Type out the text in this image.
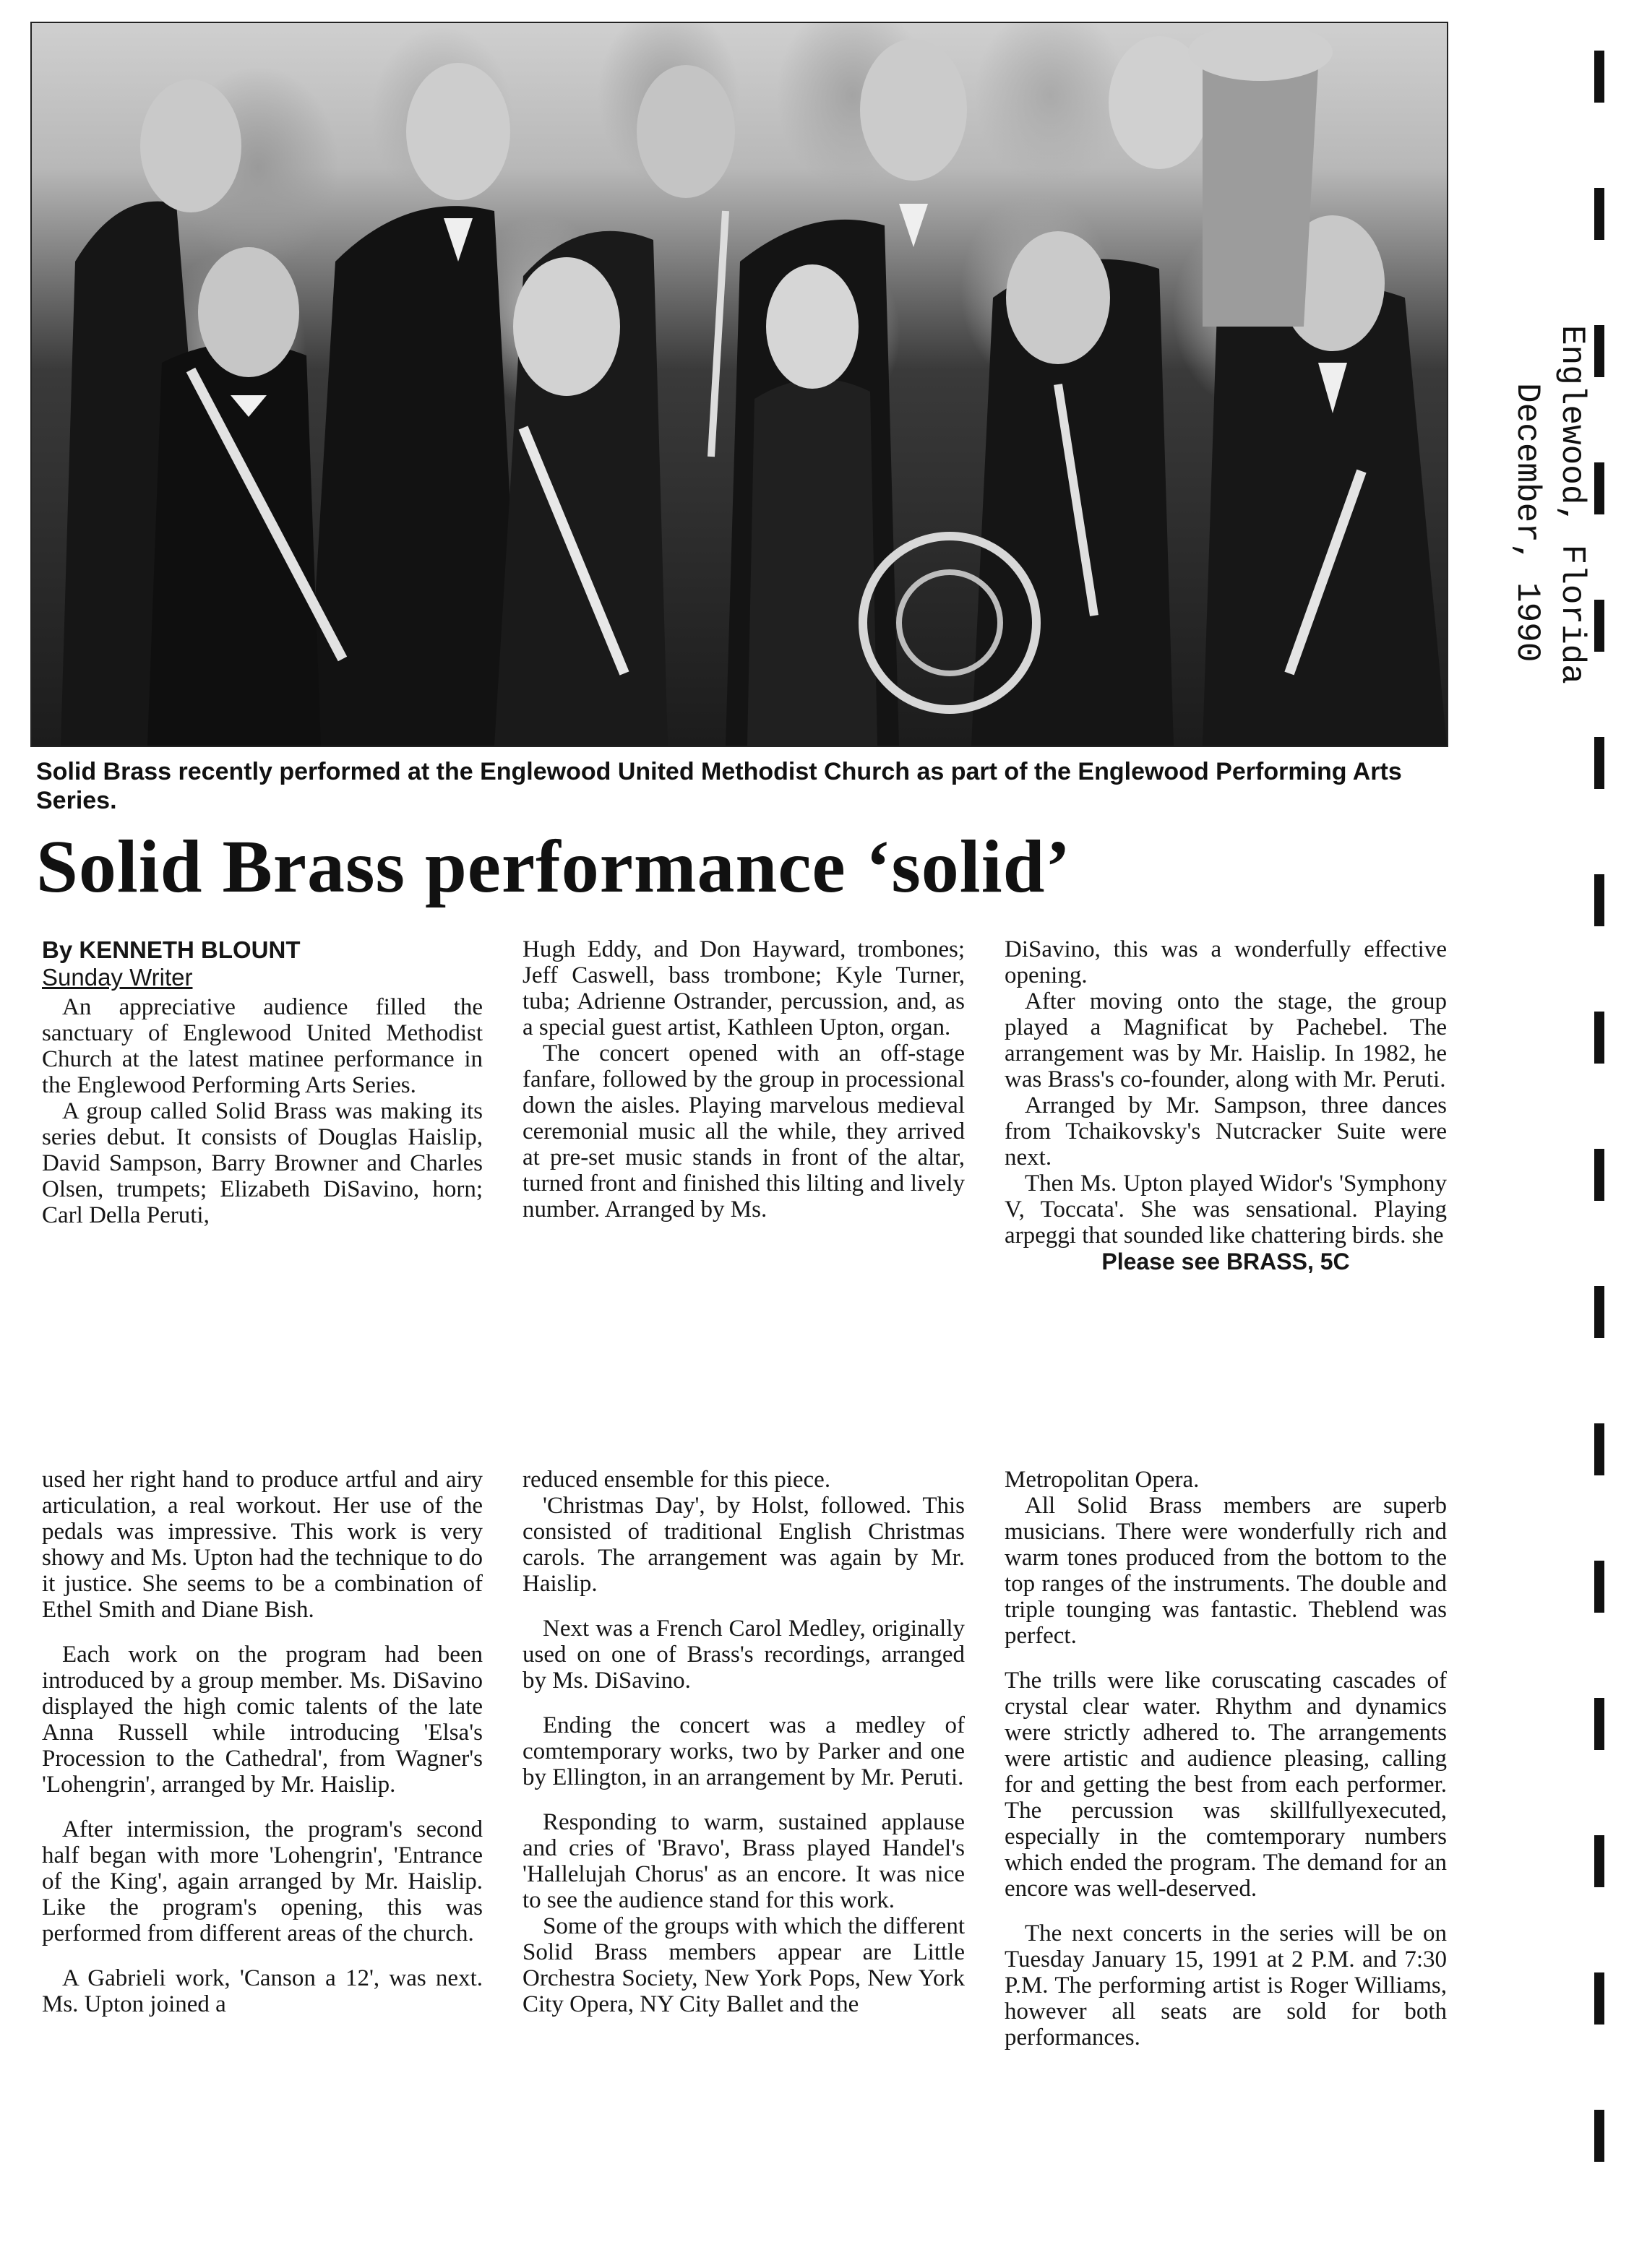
Solid Brass recently performed at the Englewood United Methodist Church as part of the Englewood Performing Arts Series.
Solid Brass performance ‘solid’
By KENNETH BLOUNT
Sunday Writer

An appreciative audience filled the sanctuary of Englewood United Methodist Church at the latest matinee performance in the Englewood Performing Arts Series.

A group called Solid Brass was making its series debut. It consists of Douglas Haislip, David Sampson, Barry Browner and Charles Olsen, trumpets; Elizabeth DiSavino, horn; Carl Della Peruti,

Hugh Eddy, and Don Hayward, trombones; Jeff Caswell, bass trombone; Kyle Turner, tuba; Adrienne Ostrander, percussion, and, as a special guest artist, Kathleen Upton, organ.

The concert opened with an off-stage fanfare, followed by the group in processional down the aisles. Playing marvelous medieval ceremonial music all the while, they arrived at pre-set music stands in front of the altar, turned front and finished this lilting and lively number. Arranged by Ms.

DiSavino, this was a wonderfully effective opening.

After moving onto the stage, the group played a Magnificat by Pachebel. The arrangement was by Mr. Haislip. In 1982, he was Brass's co-founder, along with Mr. Peruti.

Arranged by Mr. Sampson, three dances from Tchaikovsky's Nutcracker Suite were next.

Then Ms. Upton played Widor's 'Symphony V, Toccata'. She was sensational. Playing arpeggi that sounded like chattering birds. she

Please see BRASS, 5C

used her right hand to produce artful and airy articulation, a real workout. Her use of the pedals was impressive. This work is very showy and Ms. Upton had the technique to do it justice. She seems to be a combination of Ethel Smith and Diane Bish.

Each work on the program had been introduced by a group member. Ms. DiSavino displayed the high comic talents of the late Anna Russell while introducing 'Elsa's Procession to the Cathedral', from Wagner's 'Lohengrin', arranged by Mr. Haislip.

After intermission, the program's second half began with more 'Lohengrin', 'Entrance of the King', again arranged by Mr. Haislip. Like the program's opening, this was performed from different areas of the church.

A Gabrieli work, 'Canson a 12', was next. Ms. Upton joined a

reduced ensemble for this piece.

'Christmas Day', by Holst, followed. This consisted of traditional English Christmas carols. The arrangement was again by Mr. Haislip.

Next was a French Carol Medley, originally used on one of Brass's recordings, arranged by Ms. DiSavino.

Ending the concert was a medley of comtemporary works, two by Parker and one by Ellington, in an arrangement by Mr. Peruti.

Responding to warm, sustained applause and cries of 'Bravo', Brass played Handel's 'Hallelujah Chorus' as an encore. It was nice to see the audience stand for this work.

Some of the groups with which the different Solid Brass members appear are Little Orchestra Society, New York Pops, New York City Opera, NY City Ballet and the

Metropolitan Opera.

All Solid Brass members are superb musicians. There were wonderfully rich and warm tones produced from the bottom to the top ranges of the instruments. The double and triple tounging was fantastic. Theblend was perfect.

The trills were like coruscating cascades of crystal clear water. Rhythm and dynamics were strictly adhered to. The arrangements were artistic and audience pleasing, calling for and getting the best from each performer. The percussion was skillfullyexecuted, especially in the comtemporary numbers which ended the program. The demand for an encore was well-deserved.

The next concerts in the series will be on Tuesday January 15, 1991 at 2 P.M. and 7:30 P.M. The performing artist is Roger Williams, however all seats are sold for both performances.

Englewood, Florida
December, 1990
